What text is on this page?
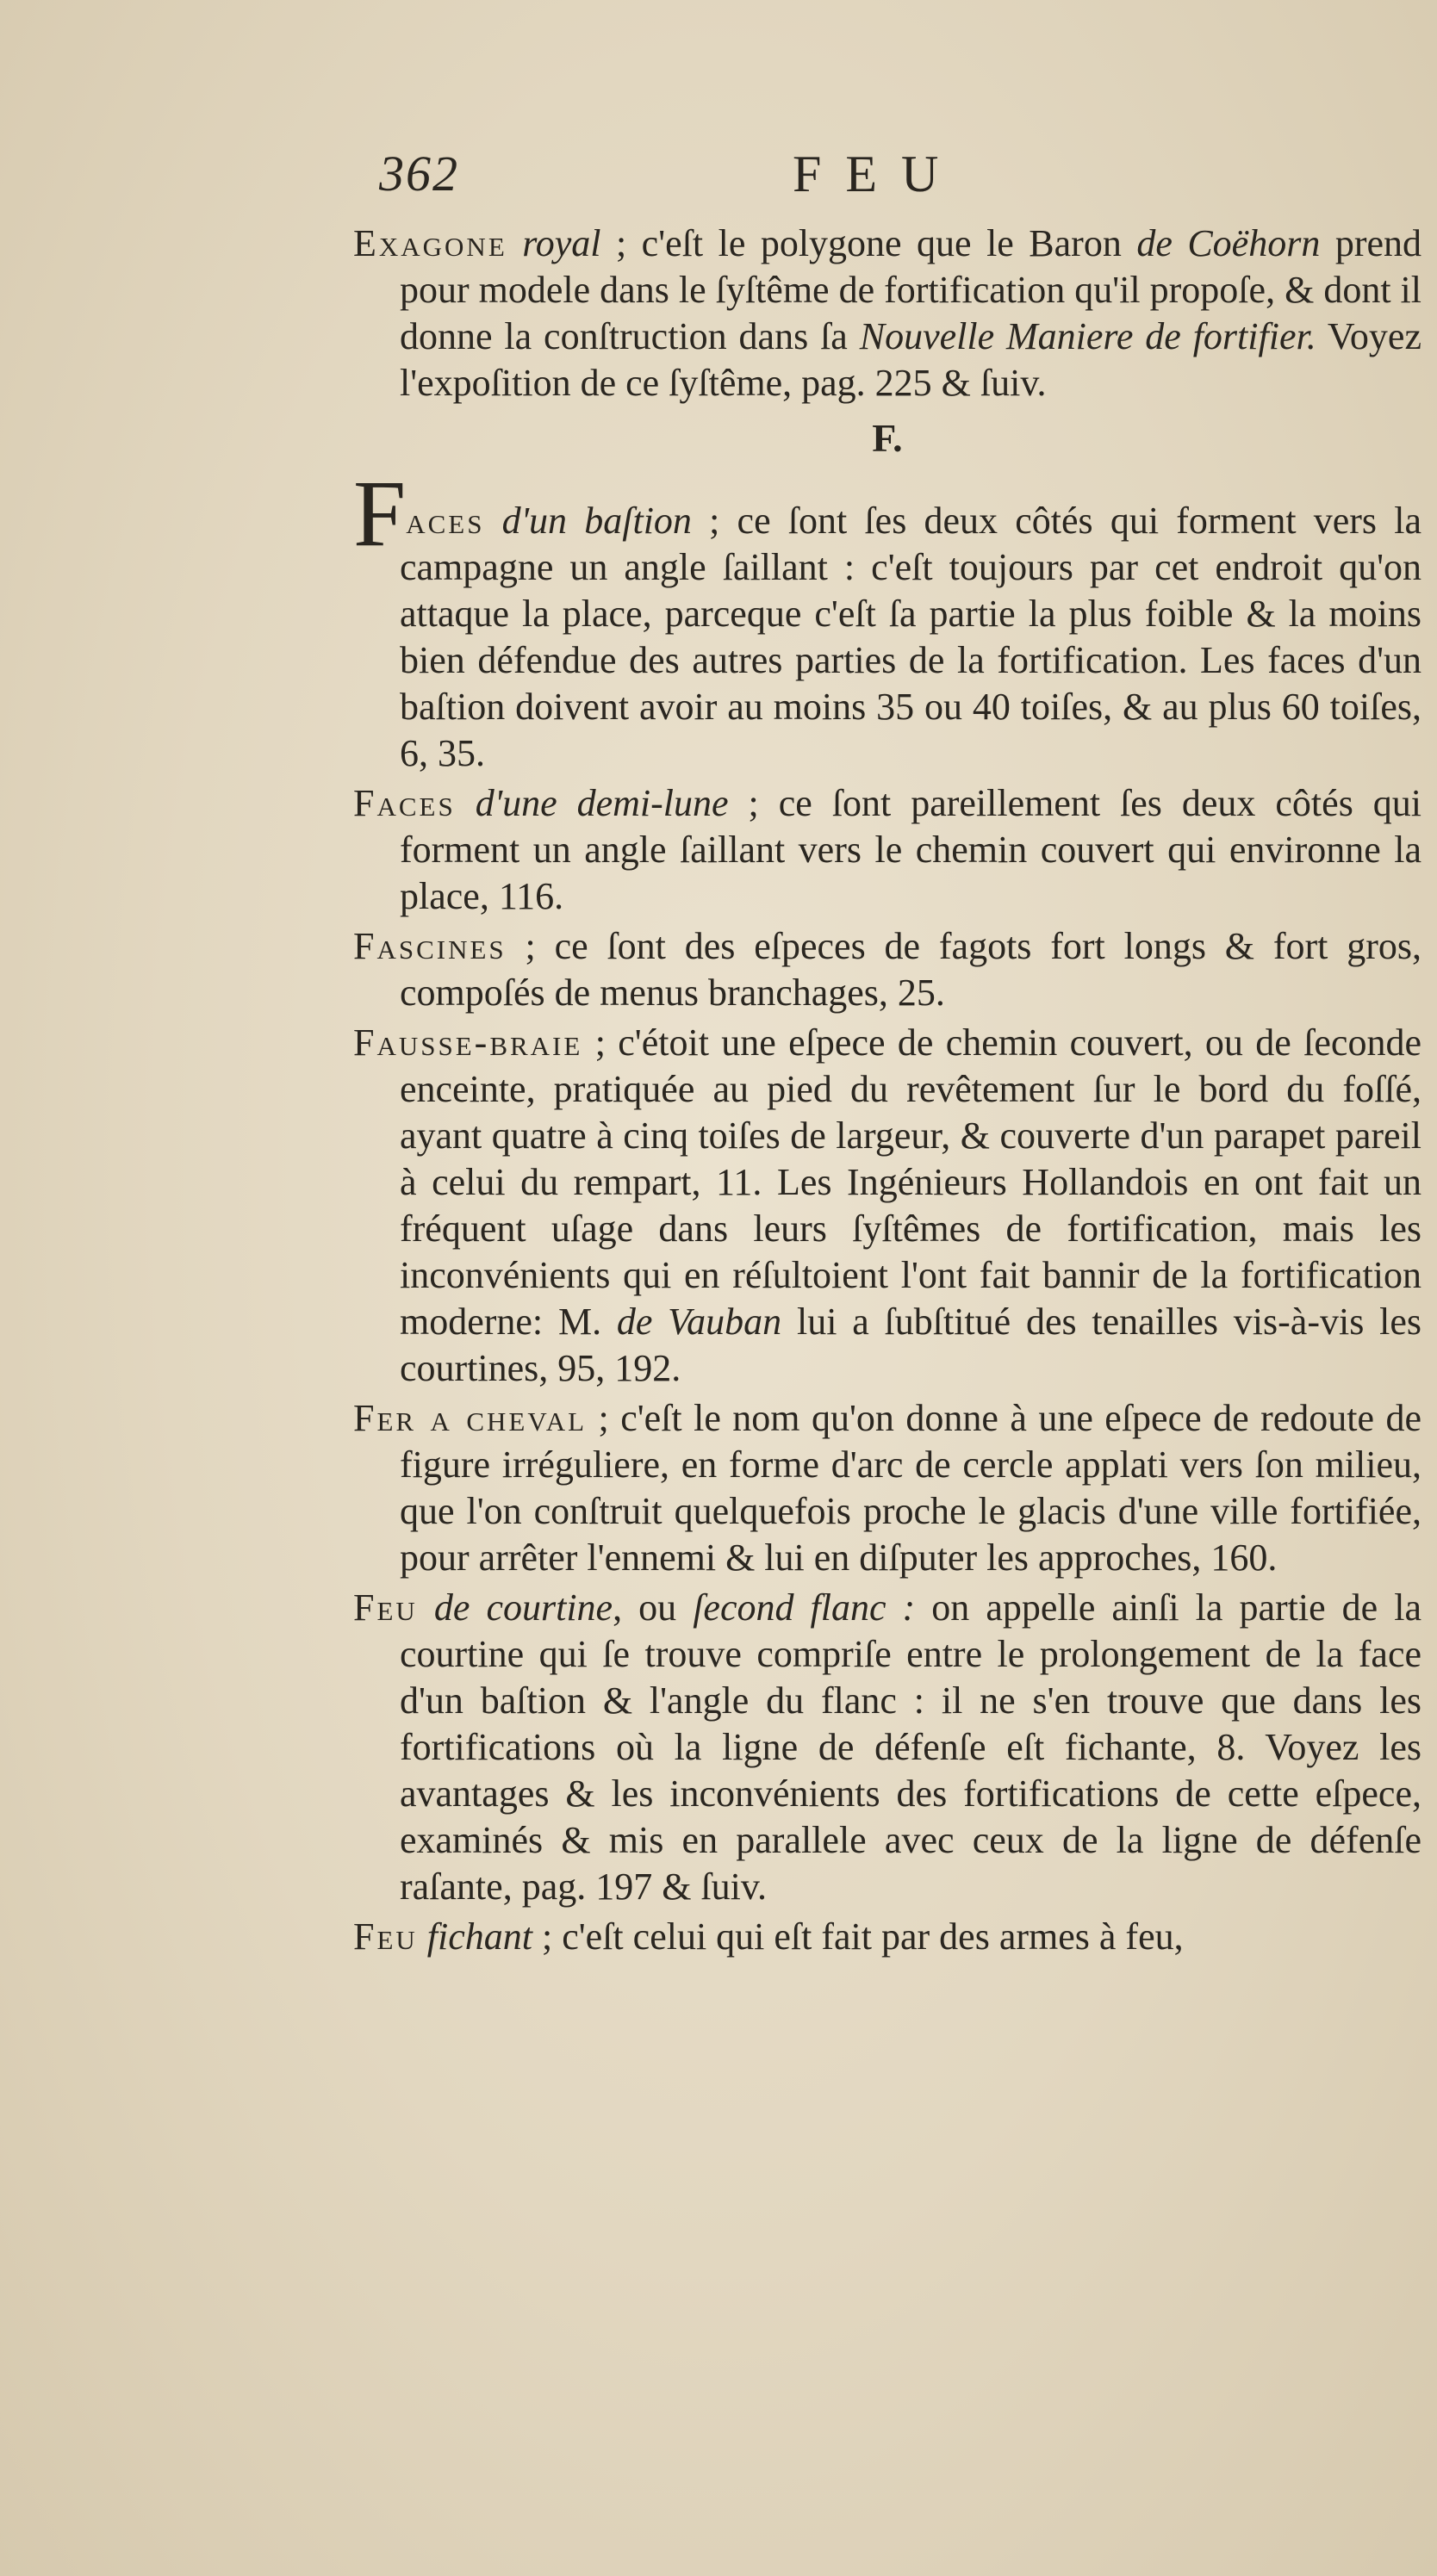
362	FEU

Exagone royal ; c'eſt le polygone que le Baron de Coëhorn prend pour modele dans le ſyſtême de fortification qu'il propoſe, & dont il donne la conſtruction dans ſa Nouvelle Maniere de fortifier. Voyez l'expoſition de ce ſyſtême, pag. 225 & ſuiv.

F.

Faces d'un baſtion ; ce ſont ſes deux côtés qui forment vers la campagne un angle ſaillant : c'eſt toujours par cet endroit qu'on attaque la place, parceque c'eſt ſa partie la plus foible & la moins bien défendue des autres parties de la fortification. Les faces d'un baſtion doivent avoir au moins 35 ou 40 toiſes, & au plus 60 toiſes, 6, 35.

Faces d'une demi-lune ; ce ſont pareillement ſes deux côtés qui forment un angle ſaillant vers le chemin couvert qui environne la place, 116.

Fascines ; ce ſont des eſpeces de fagots fort longs & fort gros, compoſés de menus branchages, 25.

Fausse-braie ; c'étoit une eſpece de chemin couvert, ou de ſeconde enceinte, pratiquée au pied du revêtement ſur le bord du foſſé, ayant quatre à cinq toiſes de largeur, & couverte d'un parapet pareil à celui du rempart, 11. Les Ingénieurs Hollandois en ont fait un fréquent uſage dans leurs ſyſtêmes de fortification, mais les inconvénients qui en réſultoient l'ont fait bannir de la fortification moderne: M. de Vauban lui a ſubſtitué des tenailles vis-à-vis les courtines, 95, 192.

Fer a cheval ; c'eſt le nom qu'on donne à une eſpece de redoute de figure irréguliere, en forme d'arc de cercle applati vers ſon milieu, que l'on conſtruit quelquefois proche le glacis d'une ville fortifiée, pour arrêter l'ennemi & lui en diſputer les approches, 160.

Feu de courtine, ou ſecond flanc : on appelle ainſi la partie de la courtine qui ſe trouve compriſe entre le prolongement de la face d'un baſtion & l'angle du flanc : il ne s'en trouve que dans les fortifications où la ligne de défenſe eſt fichante, 8. Voyez les avantages & les inconvénients des fortifications de cette eſpece, examinés & mis en parallele avec ceux de la ligne de défenſe raſante, pag. 197 & ſuiv.

Feu fichant ; c'eſt celui qui eſt fait par des armes à feu,
